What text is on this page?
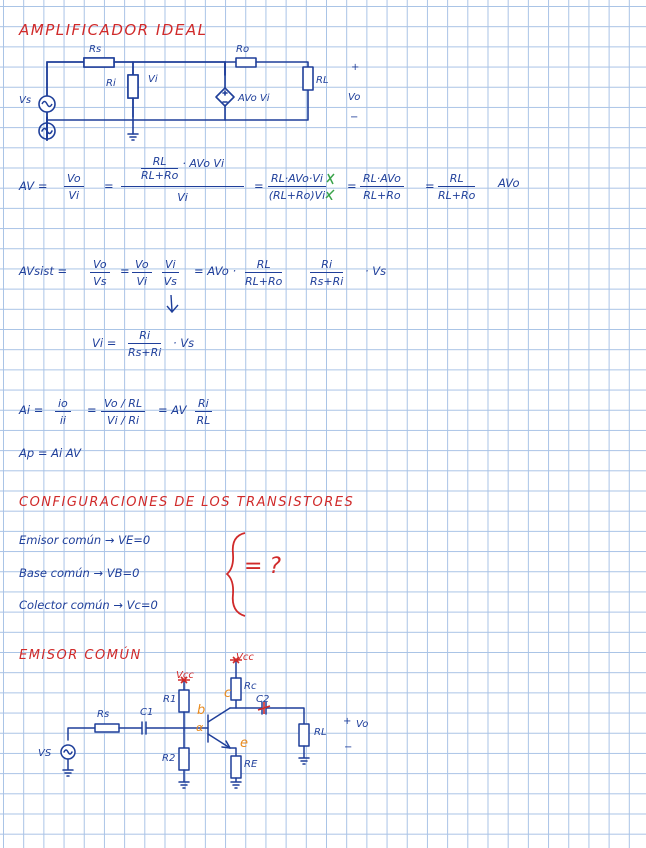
AMPLIFICADOR IDEAL
Rs
Ri	Vi
Vs
Ro
RL
AVo Vi
+
Vo
−
AV = $\frac{Vo}{Vi}$ =
RL
RL+Ro
· AVo Vi
Vi
=
RL·AVo·Vi
(RL+Ro)Vi
=
RL·AVo
RL+Ro
= $\frac{RL}{RL+Ro}$ AVo
AVsist = $\frac{Vo}{Vs} = \frac{Vo}{Vi} \frac{Vi}{Vs}$ = AVo · $\frac{RL}{RL+Ro}$	$\frac{Ri}{Rs+Ri} \cdot Vs$
$Vi = \frac{Ri}{Rs+Ri} \cdot Vs$
$Ai = \frac{io}{ii} = \frac{Vo / RL}{Vi / Ri}$ = AV $\frac{Ri}{RL}$
Ap = Ai AV
CONFIGURACIONES DE LOS TRANSISTORES
Emisor común → VE=0
Base común → VB=0
Colector común → Vc=0
= ?
EMISOR COMÚN
Vcc
Vcc
R1
R2
Rc
RE
Rs	C1
C2
RL
b
c
e
α
VS
+ Vo
−
